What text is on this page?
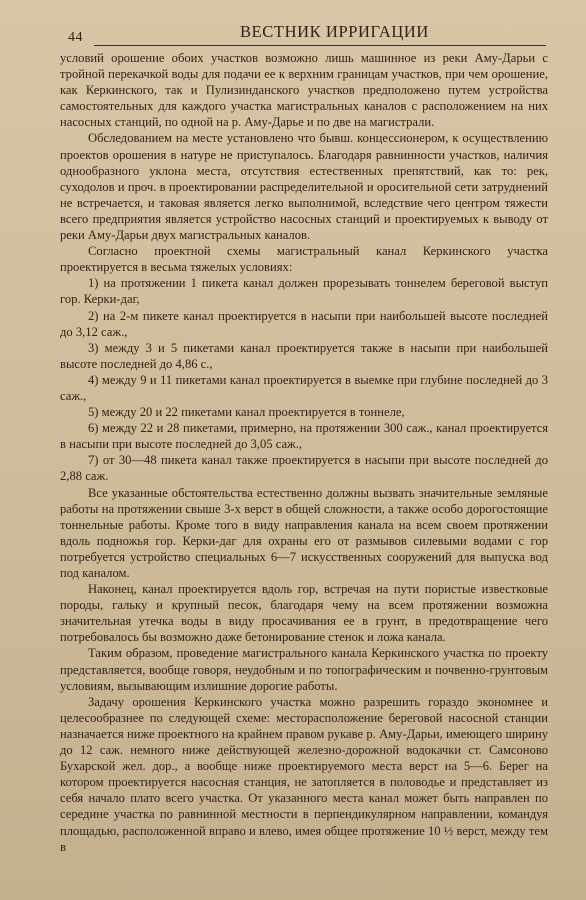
44	ВЕСТНИК ИРРИГАЦИИ

условий орошение обоих участков возможно лишь машинное из реки Аму-Дарьи с тройной перекачкой воды для подачи ее к верхним границам участков, при чем орошение, как Керкинского, так и Пулизинданского участков предположено путем устройства самостоятельных для каждого участка магистральных каналов с расположением на них насосных станций, по одной на р. Аму-Дарье и по две на магистрали.

Обследованием на месте установлено что бывш. концессионером, к осуществлению проектов орошения в натуре не приступалось. Благодаря равнинности участков, наличия однообразного уклона места, отсутствия естественных препятствий, как то: рек, суходолов и проч. в проектировании распределительной и оросительной сети затруднений не встречается, и таковая является легко выполнимой, вследствие чего центром тяжести всего предприятия является устройство насосных станций и проектируемых к выводу от реки Аму-Дарьи двух магистральных каналов.

Согласно проектной схемы магистральный канал Керкинского участка проектируется в весьма тяжелых условиях:

1) на протяжении 1 пикета канал должен прорезывать тоннелем береговой выступ гор. Керки-даг,

2) на 2-м пикете канал проектируется в насыпи при наибольшей высоте последней до 3,12 саж.,

3) между 3 и 5 пикетами канал проектируется также в насыпи при наибольшей высоте последней до 4,86 с.,

4) между 9 и 11 пикетами канал проектируется в выемке при глубине последней до 3 саж.,

5) между 20 и 22 пикетами канал проектируется в тоннеле,

6) между 22 и 28 пикетами, примерно, на протяжении 300 саж., канал проектируется в насыпи при высоте последней до 3,05 саж.,

7) от 30—48 пикета канал также проектируется в насыпи при высоте последней до 2,88 саж.

Все указанные обстоятельства естественно должны вызвать значительные земляные работы на протяжении свыше 3-х верст в общей сложности, а также особо дорогостоящие тоннельные работы. Кроме того в виду направления канала на всем своем протяжении вдоль подножья гор. Керки-даг для охраны его от размывов силевыми водами с гор потребуется устройство специальных 6—7 искусственных сооружений для выпуска вод под каналом.

Наконец, канал проектируется вдоль гор, встречая на пути пористые известковые породы, гальку и крупный песок, благодаря чему на всем протяжении возможна значительная утечка воды в виду просачивания ее в грунт, в предотвращение чего потребовалось бы возможно даже бетонирование стенок и ложа канала.

Таким образом, проведение магистрального канала Керкинского участка по проекту представляется, вообще говоря, неудобным и по топографическим и почвенно-грунтовым условиям, вызывающим излишние дорогие работы.

Задачу орошения Керкинского участка можно разрешить гораздо экономнее и целесообразнее по следующей схеме: месторасположение береговой насосной станции назначается ниже проектного на крайнем правом рукаве р. Аму-Дарьи, имеющего ширину до 12 саж. немного ниже действующей железно-дорожной водокачки ст. Самсоново Бухарской жел. дор., а вообще ниже проектируемого места верст на 5—6. Берег на котором проектируется насосная станция, не затопляется в половодье и представляет из себя начало плато всего участка. От указанного места канал может быть направлен по середине участка по равнинной местности в перпендикулярном направлении, командуя площадью, расположенной вправо и влево, имея общее протяжение 10 ½ верст, между тем в
